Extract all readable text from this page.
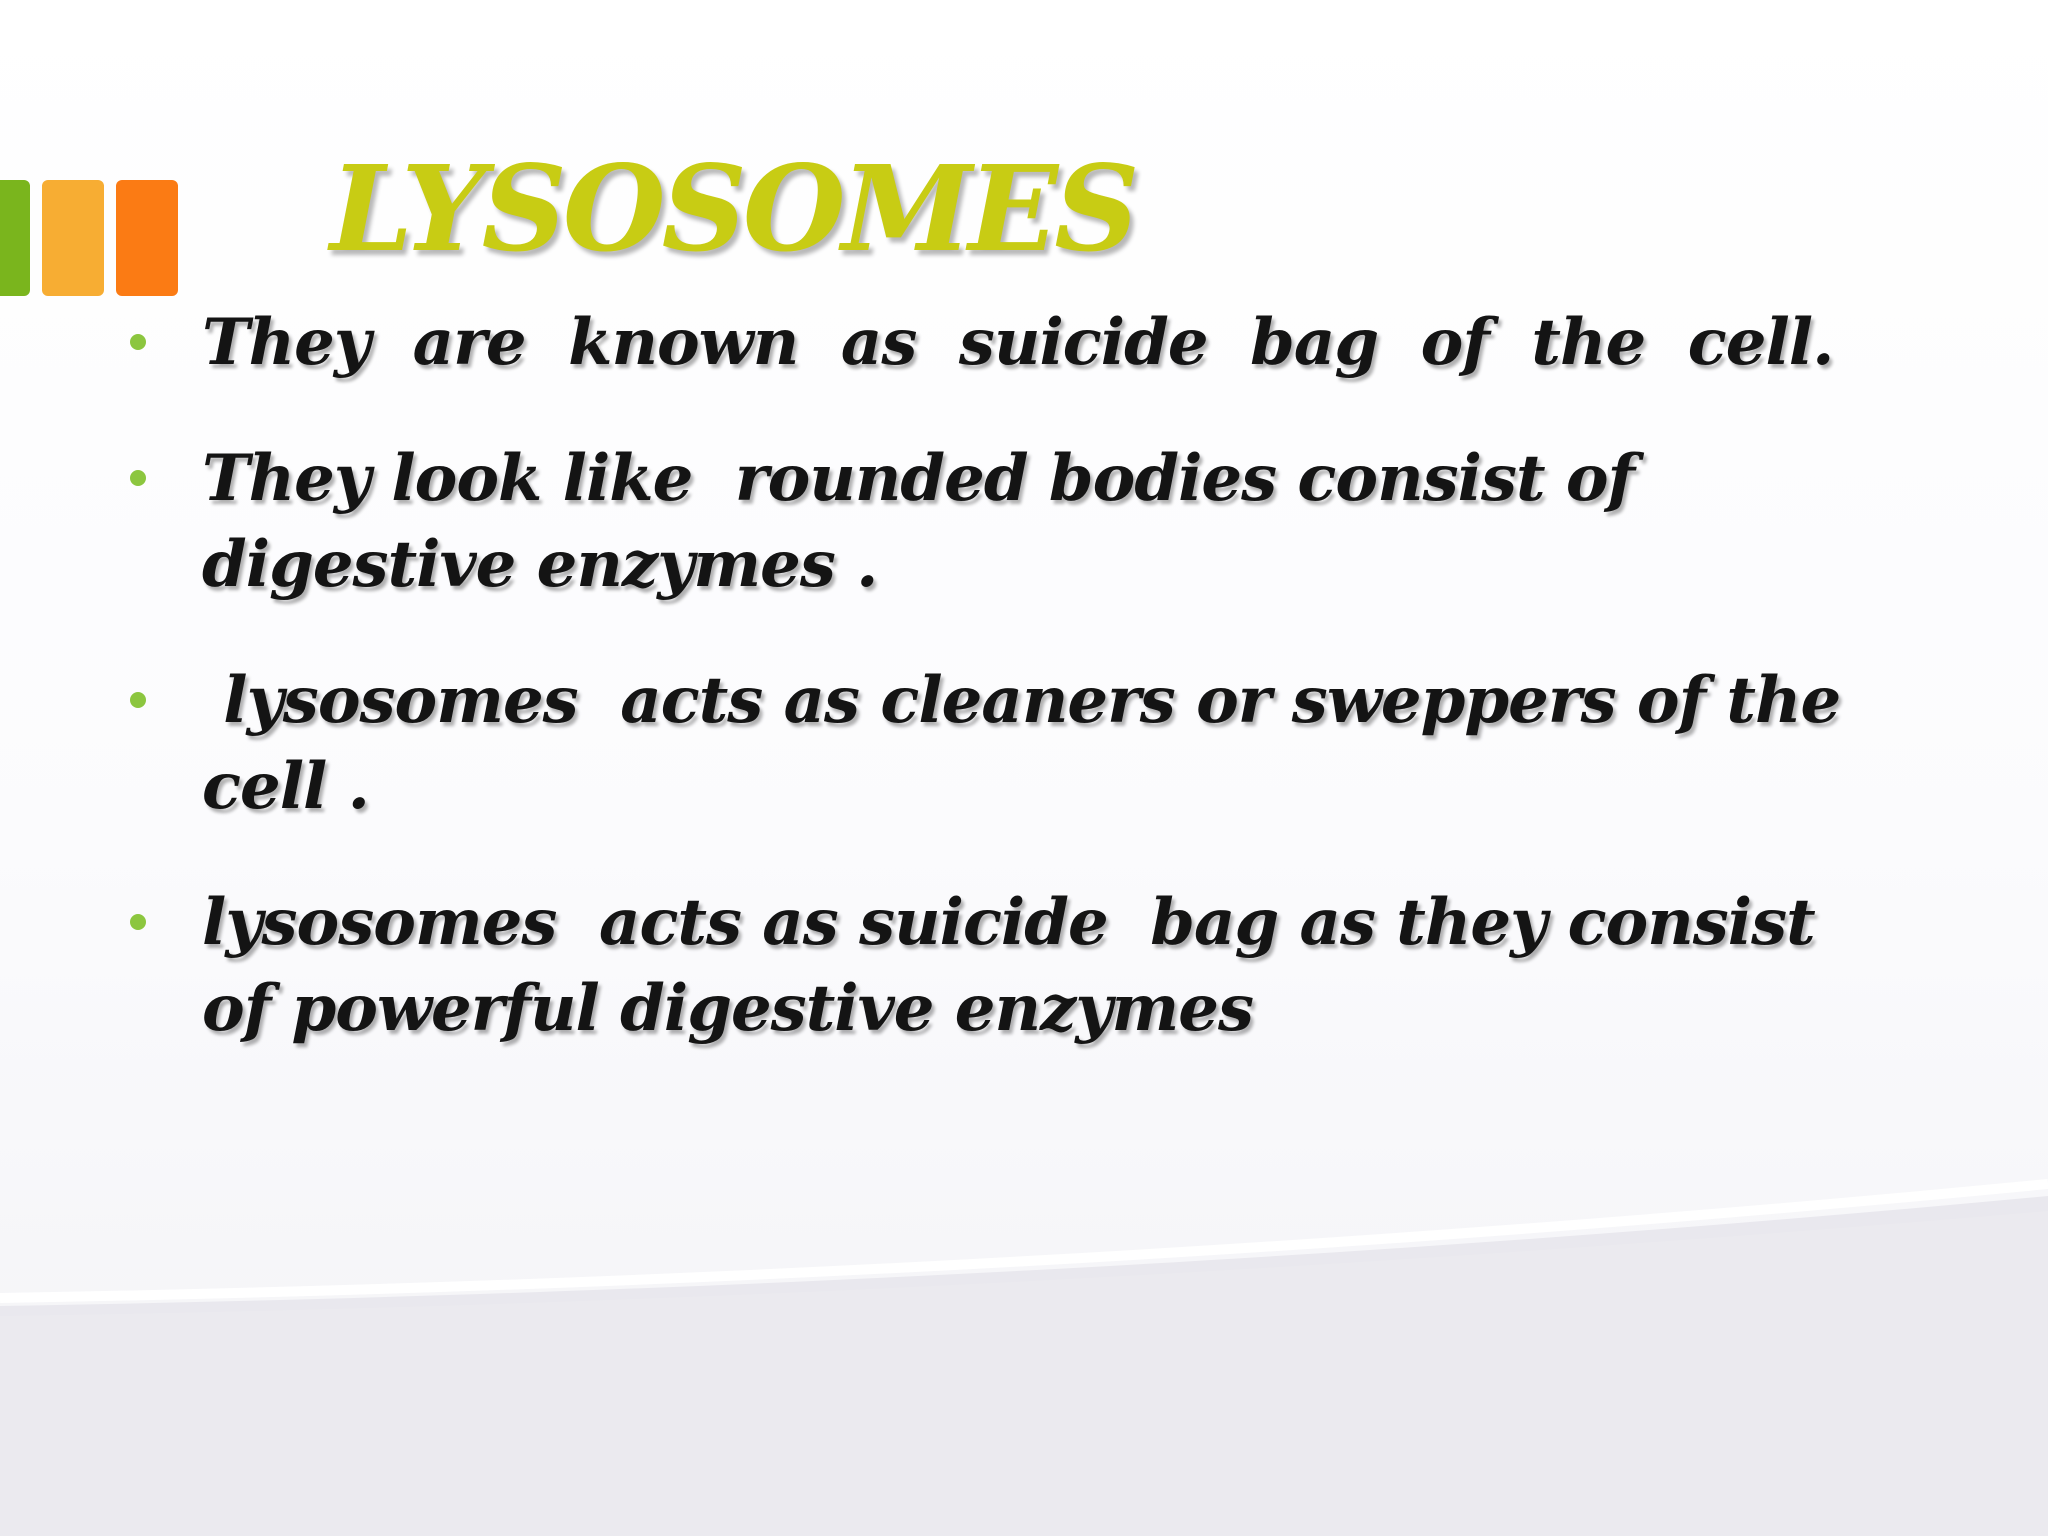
LYSOSOMES
They  are  known  as  suicide  bag  of  the  cell.
They look like  rounded bodies consist of
digestive enzymes .
lysosomes  acts as cleaners or sweppers of the
cell .
lysosomes  acts as suicide  bag as they consist
of powerful digestive enzymes
